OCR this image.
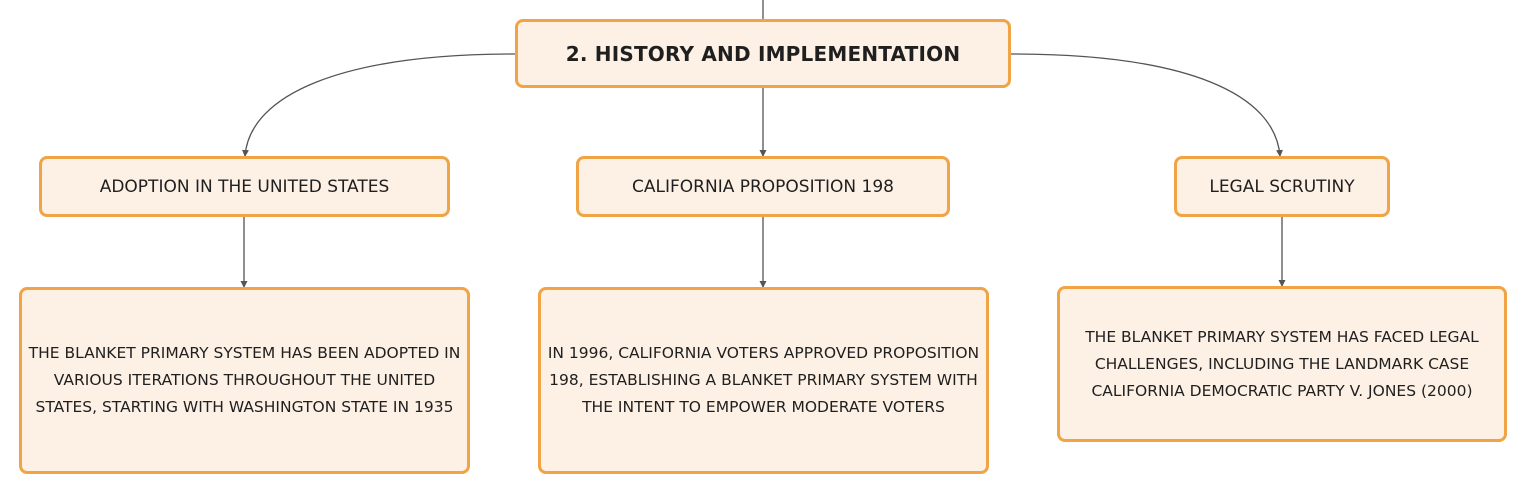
2. HISTORY AND IMPLEMENTATION
ADOPTION IN THE UNITED STATES	CALIFORNIA PROPOSITION 198	LEGAL SCRUTINY
THE BLANKET PRIMARY SYSTEM HAS BEEN ADOPTED IN VARIOUS ITERATIONS THROUGHOUT THE UNITED STATES, STARTING WITH WASHINGTON STATE IN 1935
IN 1996, CALIFORNIA VOTERS APPROVED PROPOSITION 198, ESTABLISHING A BLANKET PRIMARY SYSTEM WITH THE INTENT TO EMPOWER MODERATE VOTERS
THE BLANKET PRIMARY SYSTEM HAS FACED LEGAL CHALLENGES, INCLUDING THE LANDMARK CASE CALIFORNIA DEMOCRATIC PARTY V. JONES (2000)
